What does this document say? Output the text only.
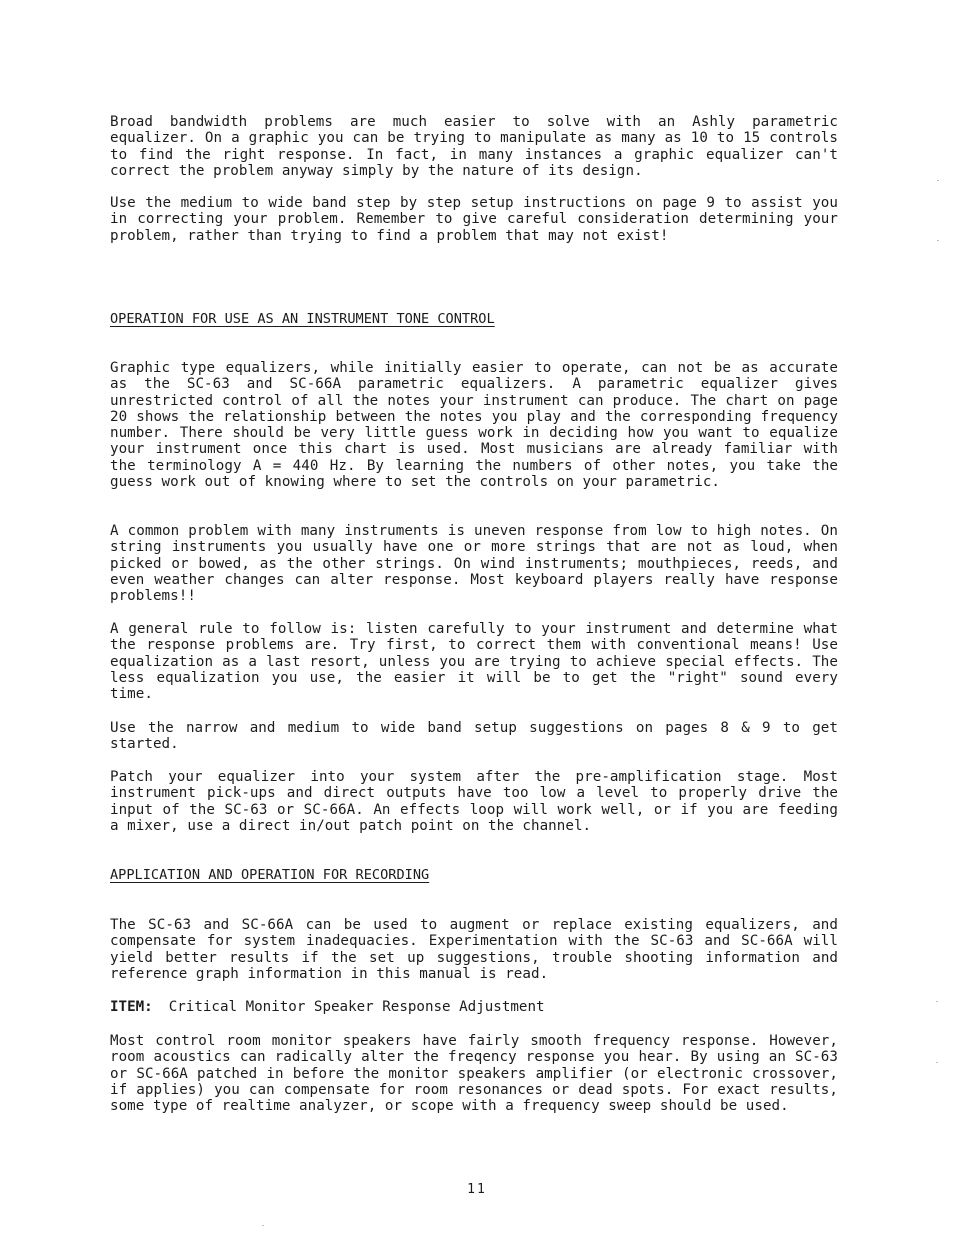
Broad bandwidth problems are much easier to solve with an Ashly parametric equalizer. On a graphic you can be trying to manipulate as many as 10 to 15 controls to find the right response. In fact, in many instances a graphic equalizer can't correct the problem anyway simply by the nature of its design.

Use the medium to wide band step by step setup instructions on page 9 to assist you in correcting your problem. Remember to give careful consideration determining your problem, rather than trying to find a problem that may not exist!

OPERATION FOR USE AS AN INSTRUMENT TONE CONTROL

Graphic type equalizers, while initially easier to operate, can not be as accurate as the SC-63 and SC-66A parametric equalizers. A parametric equalizer gives unrestricted control of all the notes your instrument can produce. The chart on page 20 shows the relationship between the notes you play and the corresponding frequency number. There should be very little guess work in deciding how you want to equalize your instrument once this chart is used. Most musicians are already familiar with the terminology A = 440 Hz. By learning the numbers of other notes, you take the guess work out of knowing where to set the controls on your parametric.

A common problem with many instruments is uneven response from low to high notes. On string instruments you usually have one or more strings that are not as loud, when picked or bowed, as the other strings. On wind instruments; mouthpieces, reeds, and even weather changes can alter response. Most keyboard players really have response problems!!

A general rule to follow is: listen carefully to your instrument and determine what the response problems are. Try first, to correct them with conventional means! Use equalization as a last resort, unless you are trying to achieve special effects. The less equalization you use, the easier it will be to get the "right" sound every time.

Use the narrow and medium to wide band setup suggestions on pages 8 & 9 to get started.

Patch your equalizer into your system after the pre-amplification stage. Most instrument pick-ups and direct outputs have too low a level to properly drive the input of the SC-63 or SC-66A. An effects loop will work well, or if you are feeding a mixer, use a direct in/out patch point on the channel.

APPLICATION AND OPERATION FOR RECORDING

The SC-63 and SC-66A can be used to augment or replace existing equalizers, and compensate for system inadequacies. Experimentation with the SC-63 and SC-66A will yield better results if the set up suggestions, trouble shooting information and reference graph information in this manual is read.

ITEM: Critical Monitor Speaker Response Adjustment

Most control room monitor speakers have fairly smooth frequency response. However, room acoustics can radically alter the freqency response you hear. By using an SC-63 or SC-66A patched in before the monitor speakers amplifier (or electronic crossover, if applies) you can compensate for room resonances or dead spots. For exact results, some type of realtime analyzer, or scope with a frequency sweep should be used.

11
